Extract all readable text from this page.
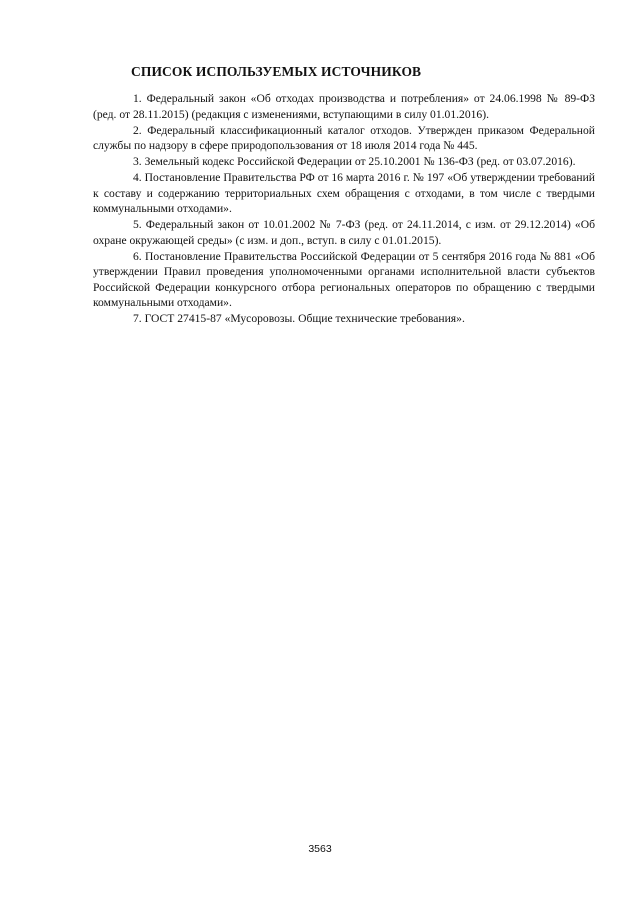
СПИСОК ИСПОЛЬЗУЕМЫХ ИСТОЧНИКОВ
1. Федеральный закон «Об отходах производства и потребления» от 24.06.1998 № 89-ФЗ (ред. от 28.11.2015) (редакция с изменениями, вступающими в силу 01.01.2016).
2. Федеральный классификационный каталог отходов. Утвержден приказом Федеральной службы по надзору в сфере природопользования от 18 июля 2014 года № 445.
3. Земельный кодекс Российской Федерации от 25.10.2001 № 136-ФЗ (ред. от 03.07.2016).
4. Постановление Правительства РФ от 16 марта 2016 г. № 197 «Об утверждении требований к составу и содержанию территориальных схем обращения с отходами, в том числе с твердыми коммунальными отходами».
5. Федеральный закон от 10.01.2002 № 7-ФЗ (ред. от 24.11.2014, с изм. от 29.12.2014) «Об охране окружающей среды» (с изм. и доп., вступ. в силу с 01.01.2015).
6. Постановление Правительства Российской Федерации от 5 сентября 2016 года № 881 «Об утверждении Правил проведения уполномоченными органами исполнительной власти субъектов Российской Федерации конкурсного отбора региональных операторов по обращению с твердыми коммунальными отходами».
7. ГОСТ 27415-87 «Мусоровозы. Общие технические требования».
3563
